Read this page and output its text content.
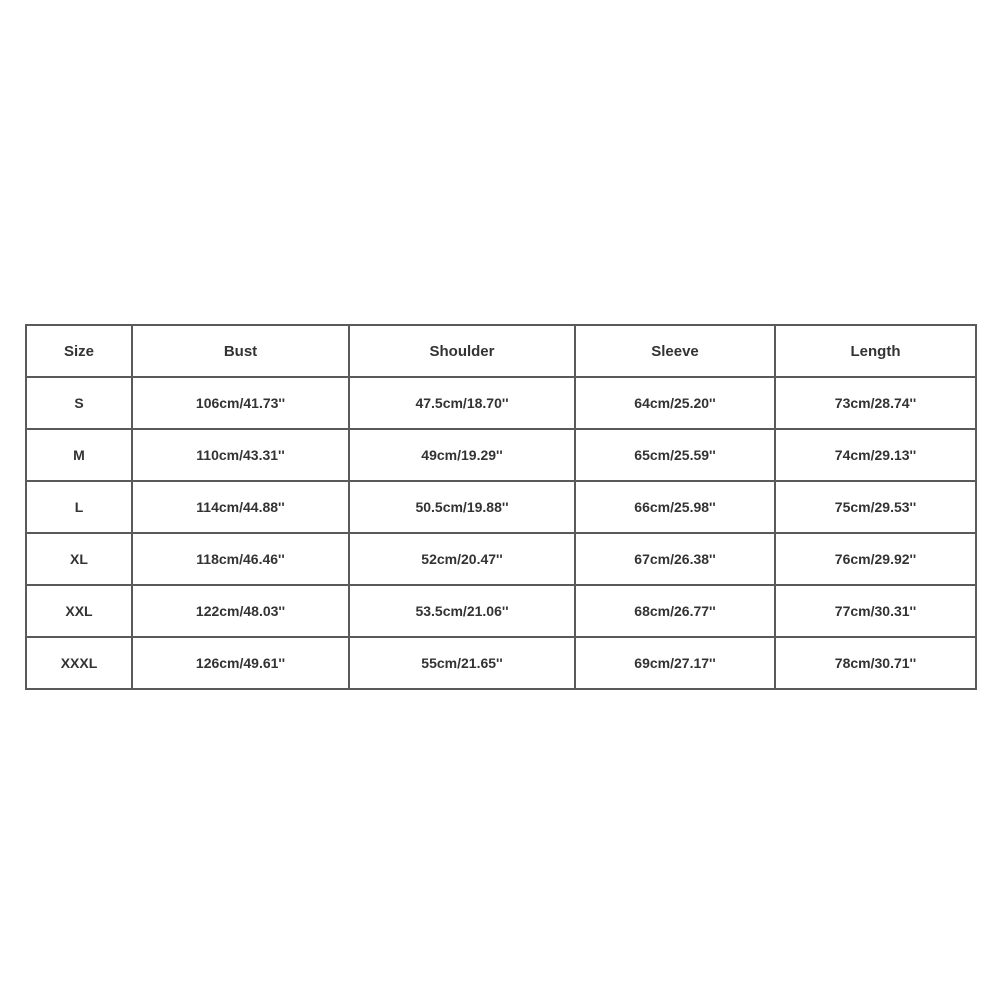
Size	Bust	Shoulder	Sleeve	Length
S	106cm/41.73''	47.5cm/18.70''	64cm/25.20''	73cm/28.74''
M	110cm/43.31''	49cm/19.29''	65cm/25.59''	74cm/29.13''
L	114cm/44.88''	50.5cm/19.88''	66cm/25.98''	75cm/29.53''
XL	118cm/46.46''	52cm/20.47''	67cm/26.38''	76cm/29.92''
XXL	122cm/48.03''	53.5cm/21.06''	68cm/26.77''	77cm/30.31''
XXXL	126cm/49.61''	55cm/21.65''	69cm/27.17''	78cm/30.71''
